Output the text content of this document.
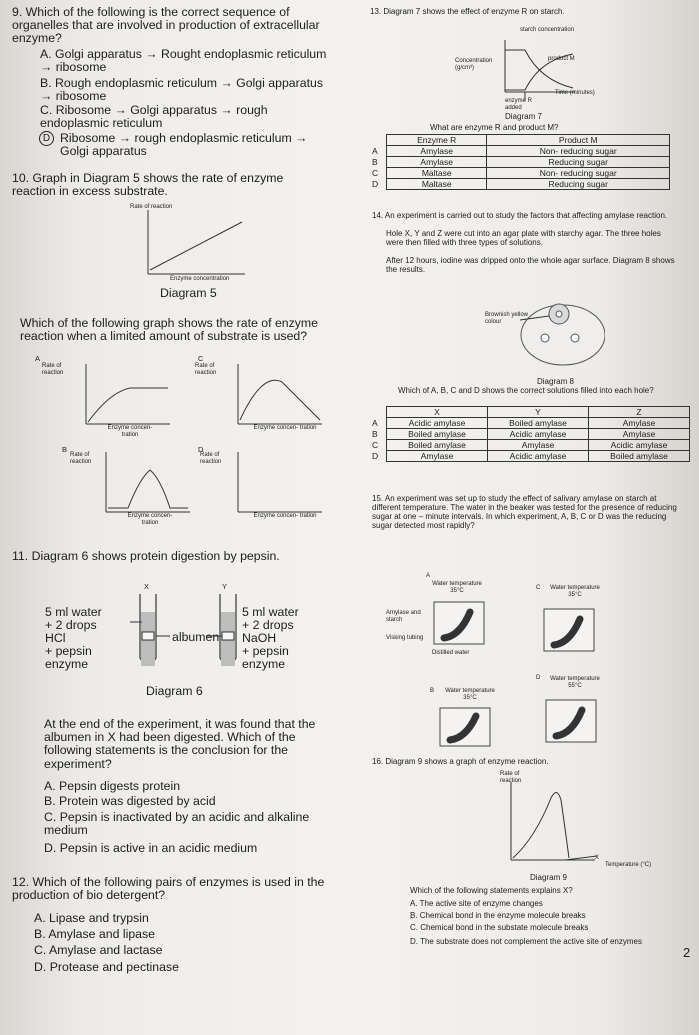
9. Which of the following is the correct sequence of organelles that are involved in production of extracellular enzyme?
A. Golgi apparatus → Rought endoplasmic reticulum → ribosome
B. Rough endoplasmic reticulum → Golgi apparatus → ribosome
C. Ribosome → Golgi apparatus → rough endoplasmic reticulum
D Ribosome → rough endoplasmic reticulum → Golgi apparatus
10. Graph in Diagram 5 shows the rate of enzyme reaction in excess substrate.
Rate of reaction
Enzyme concentration
Diagram 5
Which of the following graph shows the rate of enzyme reaction when a limited amount of substrate is used?
A
Rate of reaction
Enzyme concen- tration
C
Rate of reaction
Enzyme concen- tration
B
Rate of reaction
Enzyme concen- tration
D
Rate of reaction
Enzyme concen- tration
11. Diagram 6 shows protein digestion by pepsin.
X	Y
5 ml water
+ 2 drops
HCl
+ pepsin
enzyme
albumen
5 ml water
+ 2 drops
NaOH
+ pepsin
enzyme
Diagram 6
At the end of the experiment, it was found that the albumen in X had been digested. Which of the following statements is the conclusion for the experiment?
A. Pepsin digests protein
B. Protein was digested by acid
C. Pepsin is inactivated by an acidic and alkaline medium
D. Pepsin is active in an acidic medium
12. Which of the following pairs of enzymes is used in the production of bio detergent?
A. Lipase and trypsin
B. Amylase and lipase
C. Amylase and lactase
D. Protease and pectinase
13. Diagram 7 shows the effect of enzyme R on starch.
starch concentration
product M
Concentration (g/cm³)
enzyme R added
Time (minutes)
Diagram 7
What are enzyme R and product M?
	Enzyme R	Product M
A	Amylase	Non- reducing sugar
B	Amylase	Reducing sugar
C	Maltase	Non- reducing sugar
D	Maltase	Reducing sugar
14. An experiment is carried out to study the factors that affecting amylase reaction.
Hole X, Y and Z were cut into an agar plate with starchy agar. The three holes were then filled with three types of solutions.
After 12 hours, iodine was dripped onto the whole agar surface. Diagram 8 shows the results.
Brownish yellow colour
Diagram 8
Which of A, B, C and D shows the correct solutions filled into each hole?
	X	Y	Z
A	Acidic amylase	Boiled amylase	Amylase
B	Boiled amylase	Acidic amylase	Amylase
C	Boiled amylase	Amylase	Acidic amylase
D	Amylase	Acidic amylase	Boiled amylase
15. An experiment was set up to study the effect of salivary amylase on starch at different temperature. The water in the beaker was tested for the presence of reducing sugar at one – minute intervals. In which experiment, A, B, C or D was the reducing sugar detected most rapidly?
A
Water temperature 35°C
Amylase and starch
Visking tubing
Distilled water
C	Water temperature 35°C
B	Water temperature 35°C
D	Water temperature 55°C
16. Diagram 9 shows a graph of enzyme reaction.
Rate of reaction
X
Temperature (°C)
Diagram 9
Which of the following statements explains X?
A. The active site of enzyme changes
B. Chemical bond in the enzyme molecule breaks
C. Chemical bond in the substate molecule breaks
D. The substrate does not complement the active site of enzymes
2
